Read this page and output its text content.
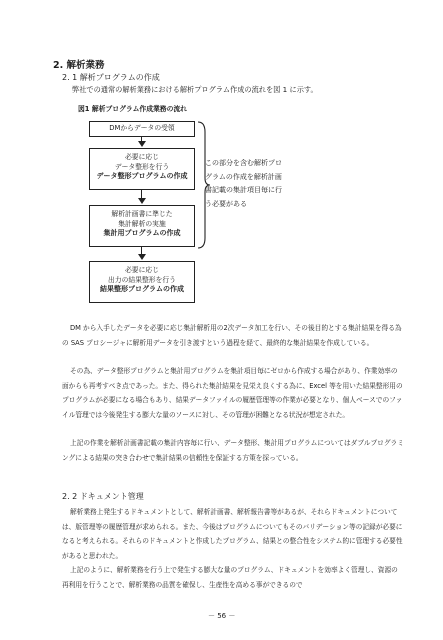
2. 解析業務
2. 1 解析プログラムの作成
弊社での通常の解析業務における解析プログラム作成の流れを図 1 に示す。
図1 解析プログラム作成業務の流れ
DMからデータの受領
必要に応じ
データ整形を行う
データ整形プログラムの作成
解析計画書に準じた
集計解析の実施
集計用プログラムの作成
必要に応じ
出力の結果整形を行う
結果整形プログラムの作成
この部分を含む解析プログラムの作成を解析計画書記載の集計項目毎に行う必要がある
DM から入手したデータを必要に応じ集計解析用の2次データ加工を行い、その後目的とする集計結果を得る為の SAS プロシージャに解析用データを引き渡すという過程を経て、最終的な集計結果を作成している。
その為、データ整形プログラムと集計用プログラムを集計項目毎にゼロから作成する場合があり、作業効率の面からも再考すべき点であった。また、得られた集計結果を見栄え良くする為に、Excel 等を用いた結果整形用のプログラムが必要になる場合もあり、結果データファイルの履歴管理等の作業が必要となり、個人ベースでのファイル管理では今後発生する膨大な量のソースに対し、その管理が困難となる状況が想定された。
上記の作業を解析計画書記載の集計内容毎に行い、データ整形、集計用プログラムについてはダブルプログラミングによる結果の突き合わせで集計結果の信頼性を保証する方策を採っている。
2. 2 ドキュメント管理
解析業務上発生するドキュメントとして、解析計画書、解析報告書等があるが、それらドキュメントについては、版管理等の履歴管理が求められる。また、今後はプログラムについてもそのバリデーション等の記録が必要になると考えられる。それらのドキュメントと作成したプログラム、結果との整合性をシステム的に管理する必要性があると思われた。
上記のように、解析業務を行う上で発生する膨大な量のプログラム、ドキュメントを効率よく管理し、資源の再利用を行うことで、解析業務の品質を確保し、生産性を高める事ができるので
－ 56 －
